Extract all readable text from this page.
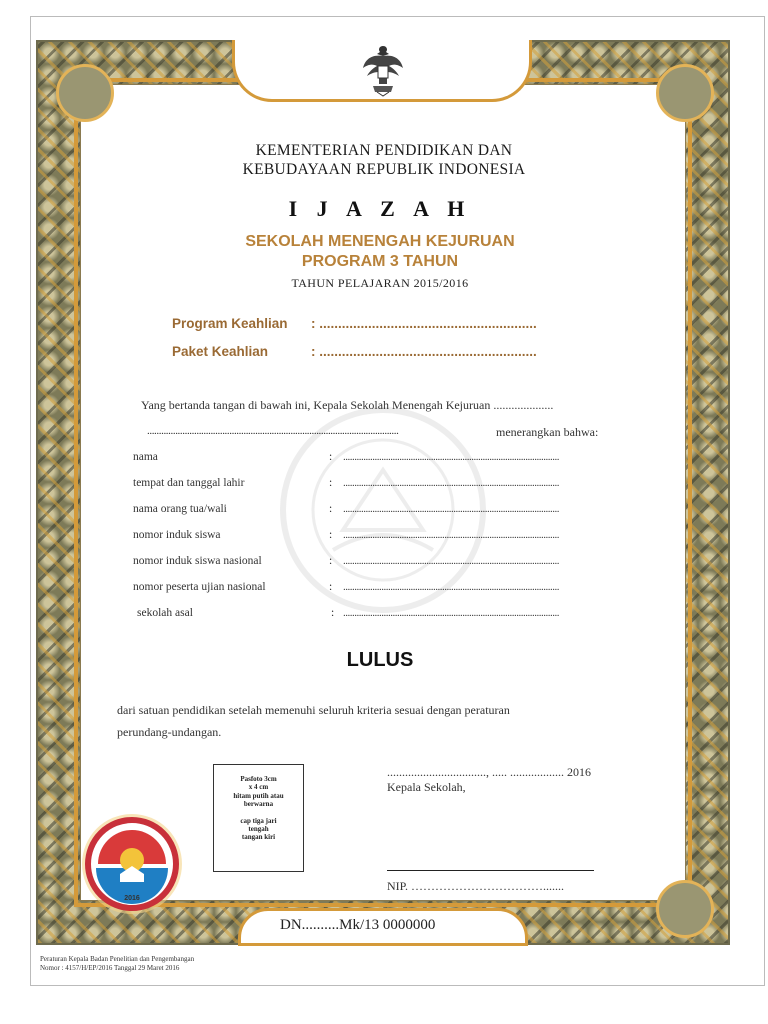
KEMENTERIAN PENDIDIKAN DAN
KEBUDAYAAN REPUBLIK INDONESIA
I J A Z A H
SEKOLAH MENENGAH KEJURUAN
PROGRAM 3 TAHUN
TAHUN PELAJARAN 2015/2016
Program Keahlian : ..........................................................
Paket Keahlian	: ..........................................................
Yang bertanda tangan di bawah ini, Kepala Sekolah Menengah Kejuruan ....................
...........................................................................................................	menerangkan bahwa:
nama	: ................................................................................................
tempat dan tanggal lahir	: ................................................................................................
nama orang tua/wali	: ................................................................................................
nomor induk siswa	: ................................................................................................
nomor induk siswa nasional	: ................................................................................................
nomor peserta ujian nasional	: ................................................................................................
sekolah asal	: ................................................................................................
LULUS
dari satuan pendidikan setelah memenuhi seluruh kriteria sesuai dengan peraturan
perundang-undangan.
Pasfoto 3cm
x 4 cm
hitam putih atau
berwarna
cap tiga jari
tengah
tangan kiri
................................., ..... .................. 2016
Kepala Sekolah,
NIP. …………………………….......
2016
DN..........Mk/13 0000000
Peraturan Kepala Badan Penelitian dan Pengembangan
Nomor : 4157/H/EP/2016 Tanggal 29 Maret 2016
